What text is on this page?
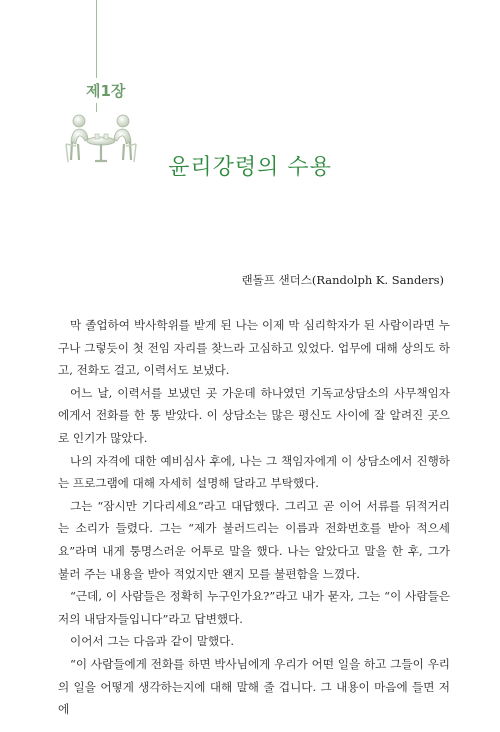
제1장
윤리강령의 수용
랜돌프 샌더스(Randolph K. Sanders)

막 졸업하여 박사학위를 받게 된 나는 이제 막 심리학자가 된 사람이라면 누구나 그렇듯이 첫 전임 자리를 찾느라 고심하고 있었다. 업무에 대해 상의도 하고, 전화도 걸고, 이력서도 보냈다.

어느 날, 이력서를 보냈던 곳 가운데 하나였던 기독교상담소의 사무책임자에게서 전화를 한 통 받았다. 이 상담소는 많은 평신도 사이에 잘 알려진 곳으로 인기가 많았다.

나의 자격에 대한 예비심사 후에, 나는 그 책임자에게 이 상담소에서 진행하는 프로그램에 대해 자세히 설명해 달라고 부탁했다.

그는 “잠시만 기다리세요”라고 대답했다. 그리고 곧 이어 서류를 뒤적거리는 소리가 들렸다. 그는 “제가 불러드리는 이름과 전화번호를 받아 적으세요”라며 내게 퉁명스러운 어투로 말을 했다. 나는 알았다고 말을 한 후, 그가 불러 주는 내용을 받아 적었지만 왠지 모를 불편함을 느꼈다.

“근데, 이 사람들은 정확히 누구인가요?”라고 내가 묻자, 그는 “이 사람들은 저의 내담자들입니다”라고 답변했다.

이어서 그는 다음과 같이 말했다.

“이 사람들에게 전화를 하면 박사님에게 우리가 어떤 일을 하고 그들이 우리의 일을 어떻게 생각하는지에 대해 말해 줄 겁니다. 그 내용이 마음에 들면 저에
